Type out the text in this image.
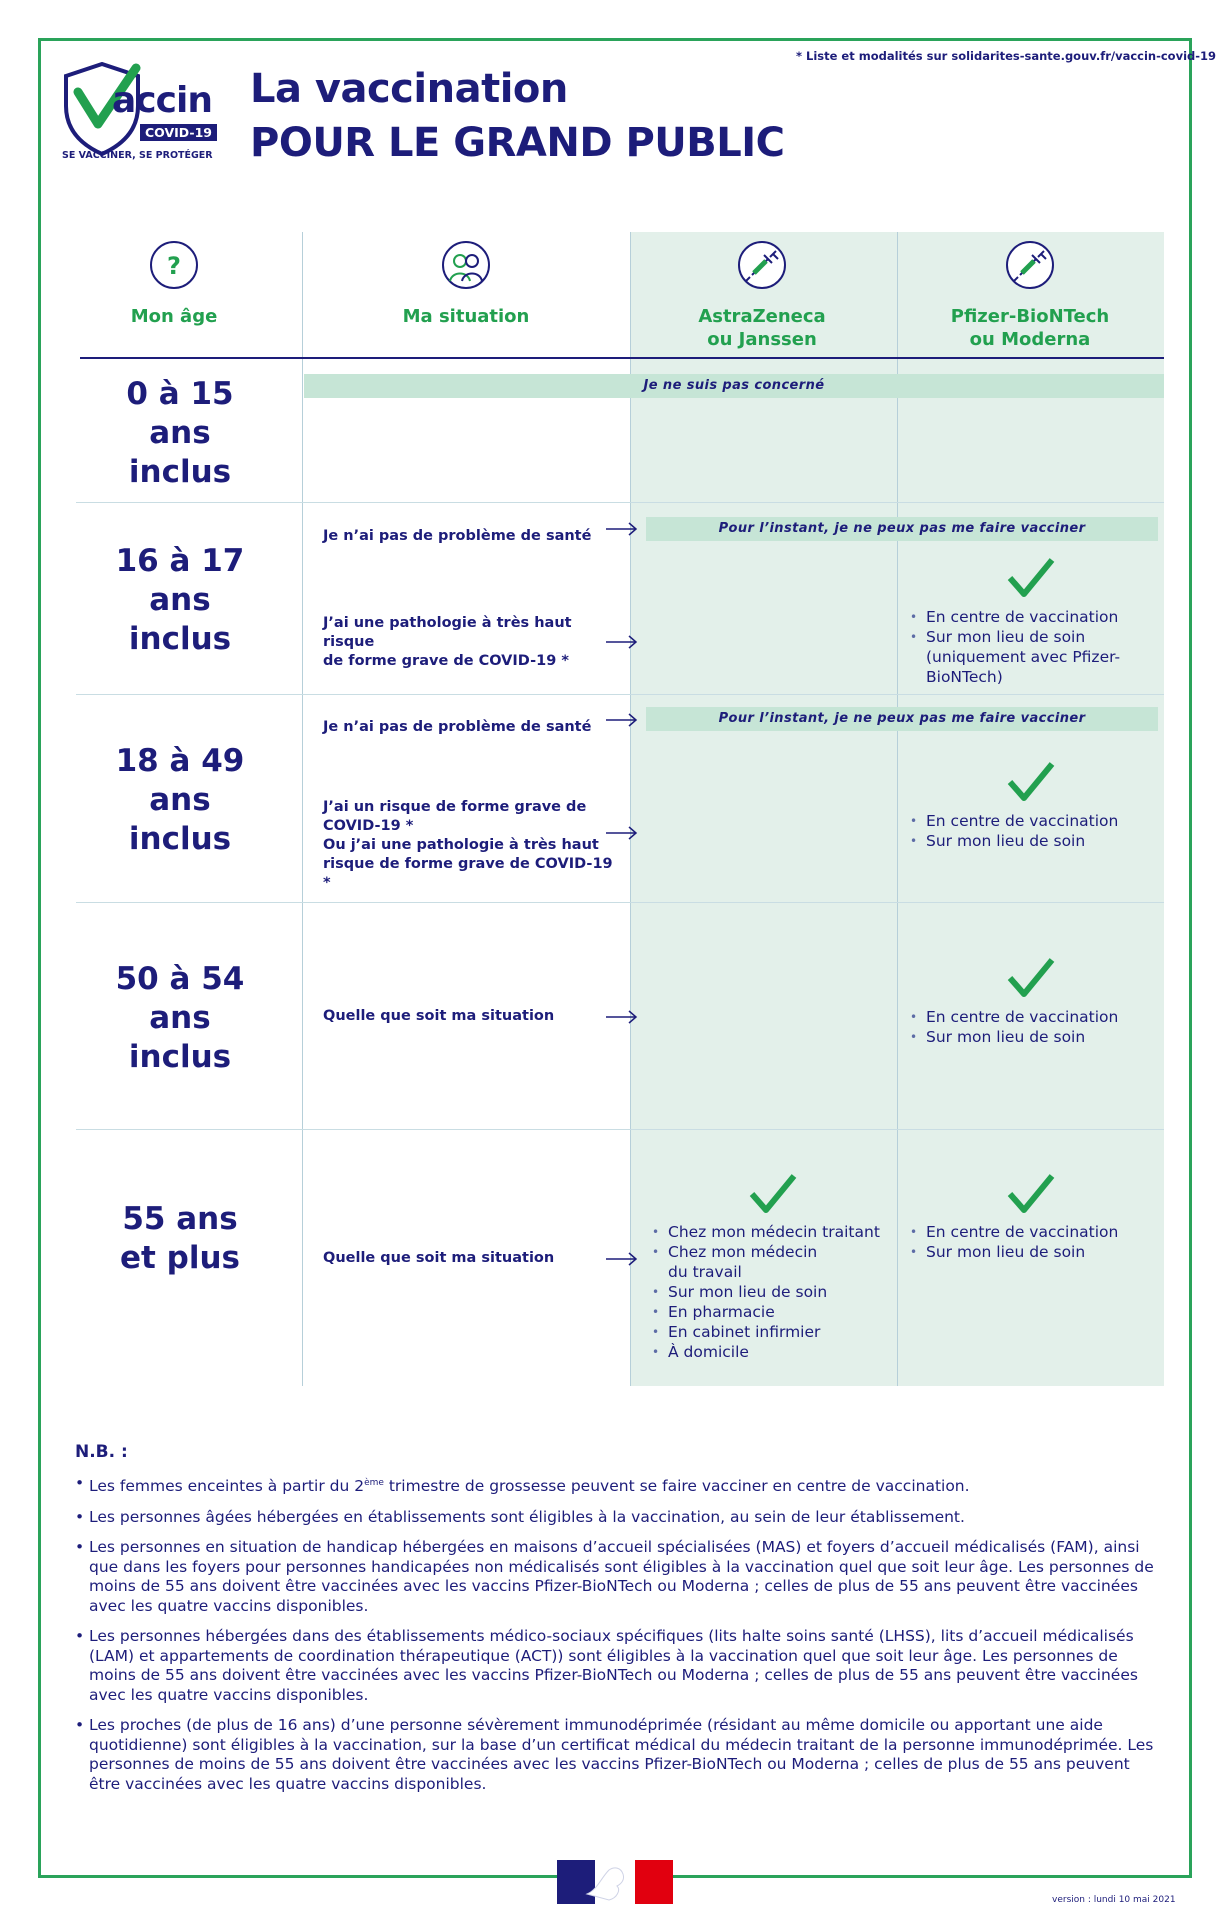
* Liste et modalités sur solidarites-sante.gouv.fr/vaccin-covid-19
accin
COVID-19
SE VACCINER, SE PROTÉGER
La vaccination
POUR LE GRAND PUBLIC
?
Mon âge	Ma situation	AstraZeneca
ou Janssen
Pfizer-BioNTech
ou Moderna
0 à 15
ans
inclus
Je ne suis pas concerné
16 à 17
ans
inclus
Je n’ai pas de problème de santé	Pour l’instant, je ne peux pas me faire vacciner
J’ai une pathologie à très haut risque
de forme grave de COVID-19 *
• En centre de vaccination
• Sur mon lieu de soin
(uniquement avec Pfizer-
BioNTech)
18 à 49
ans
inclus
Je n’ai pas de problème de santé
Pour l’instant, je ne peux pas me faire vacciner
J’ai un risque de forme grave de
COVID-19 *
Ou j’ai une pathologie à très haut
risque de forme grave de COVID-19 *
• En centre de vaccination
• Sur mon lieu de soin
50 à 54
ans
inclus
Quelle que soit ma situation
•	En centre de vaccination
• Sur mon lieu de soin
55 ans
et plus	Quelle que soit ma situation
• Chez mon médecin traitant
• Chez mon médecin
du travail
• Sur mon lieu de soin
• En pharmacie
• En cabinet infirmier
• À domicile
• En centre de vaccination
• Sur mon lieu de soin
N.B. :
• Les femmes enceintes à partir du 2ème trimestre de grossesse peuvent se faire vacciner en centre de vaccination.
• Les personnes âgées hébergées en établissements sont éligibles à la vaccination, au sein de leur établissement.
• Les personnes en situation de handicap hébergées en maisons d’accueil spécialisées (MAS) et foyers d’accueil médicalisés (FAM), ainsi que dans les foyers pour personnes handicapées non médicalisés sont éligibles à la vaccination quel que soit leur âge. Les personnes de moins de 55 ans doivent être vaccinées avec les vaccins Pfizer-BioNTech ou Moderna ; celles de plus de 55 ans peuvent être vaccinées avec les quatre vaccins disponibles.
• Les personnes hébergées dans des établissements médico-sociaux spécifiques (lits halte soins santé (LHSS), lits d’accueil médicalisés (LAM) et appartements de coordination thérapeutique (ACT)) sont éligibles à la vaccination quel que soit leur âge. Les personnes de moins de 55 ans doivent être vaccinées avec les vaccins Pfizer-BioNTech ou Moderna ; celles de plus de 55 ans peuvent être vaccinées avec les quatre vaccins disponibles.
• Les proches (de plus de 16 ans) d’une personne sévèrement immunodéprimée (résidant au même domicile ou apportant une aide quotidienne) sont éligibles à la vaccination, sur la base d’un certificat médical du médecin traitant de la personne immunodéprimée. Les personnes de moins de 55 ans doivent être vaccinées avec les vaccins Pfizer-BioNTech ou Moderna ; celles de plus de 55 ans peuvent être vaccinées avec les quatre vaccins disponibles.
version : lundi 10 mai 2021
